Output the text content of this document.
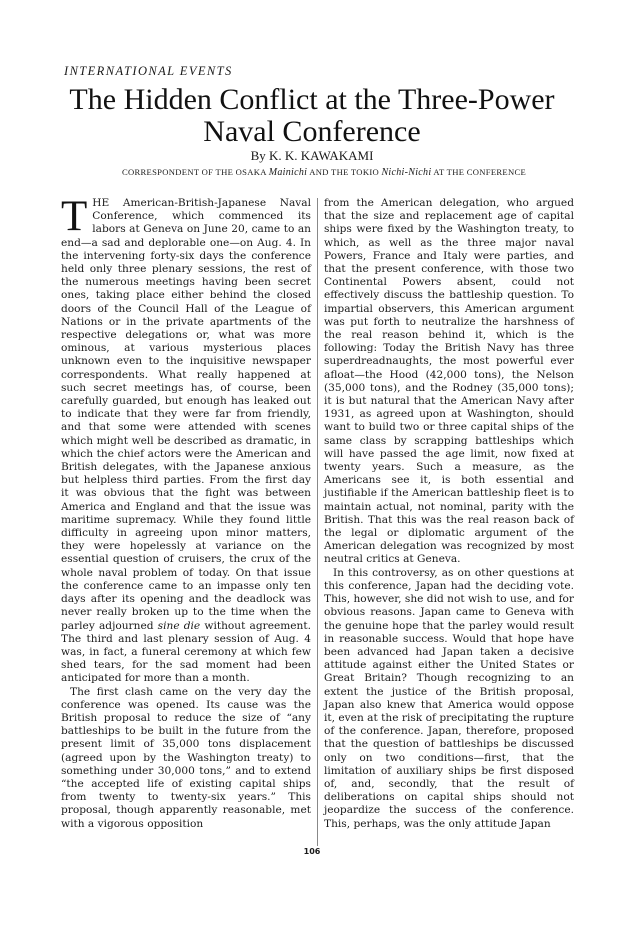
INTERNATIONAL EVENTS
The Hidden Conflict at the Three-Power
Naval Conference
By K. K. KAWAKAMI
CORRESPONDENT OF THE OSAKA Mainichi AND THE TOKIO Nichi-Nichi AT THE CONFERENCE

THE American-British-Japanese Naval Conference, which commenced its labors at Geneva on June 20, came to an end—a sad and deplorable one—on Aug. 4. In the intervening forty-six days the conference held only three plenary sessions, the rest of the numerous meetings having been secret ones, taking place either behind the closed doors of the Council Hall of the League of Nations or in the private apartments of the respective delegations or, what was more ominous, at various mysterious places unknown even to the inquisitive newspaper correspondents. What really happened at such secret meetings has, of course, been carefully guarded, but enough has leaked out to indicate that they were far from friendly, and that some were attended with scenes which might well be described as dramatic, in which the chief actors were the American and British delegates, with the Japanese anxious but helpless third parties. From the first day it was obvious that the fight was between America and England and that the issue was maritime supremacy. While they found little difficulty in agreeing upon minor matters, they were hopelessly at variance on the essential question of cruisers, the crux of the whole naval problem of today. On that issue the conference came to an impasse only ten days after its opening and the deadlock was never really broken up to the time when the parley adjourned sine die without agreement. The third and last plenary session of Aug. 4 was, in fact, a funeral ceremony at which few shed tears, for the sad moment had been anticipated for more than a month.

The first clash came on the very day the conference was opened. Its cause was the British proposal to reduce the size of “any battleships to be built in the future from the present limit of 35,000 tons displacement (agreed upon by the Washington treaty) to something under 30,000 tons,” and to extend “the accepted life of existing capital ships from twenty to twenty-six years.” This proposal, though apparently reasonable, met with a vigorous opposition

from the American delegation, who argued that the size and replacement age of capital ships were fixed by the Washington treaty, to which, as well as the three major naval Powers, France and Italy were parties, and that the present conference, with those two Continental Powers absent, could not effectively discuss the battleship question. To impartial observers, this American argument was put forth to neutralize the harshness of the real reason behind it, which is the following: Today the British Navy has three superdreadnaughts, the most powerful ever afloat—the Hood (42,000 tons), the Nelson (35,000 tons), and the Rodney (35,000 tons); it is but natural that the American Navy after 1931, as agreed upon at Washington, should want to build two or three capital ships of the same class by scrapping battleships which will have passed the age limit, now fixed at twenty years. Such a measure, as the Americans see it, is both essential and justifiable if the American battleship fleet is to maintain actual, not nominal, parity with the British. That this was the real reason back of the legal or diplomatic argument of the American delegation was recognized by most neutral critics at Geneva.

In this controversy, as on other questions at this conference, Japan had the deciding vote. This, however, she did not wish to use, and for obvious reasons. Japan came to Geneva with the genuine hope that the parley would result in reasonable success. Would that hope have been advanced had Japan taken a decisive attitude against either the United States or Great Britain? Though recognizing to an extent the justice of the British proposal, Japan also knew that America would oppose it, even at the risk of precipitating the rupture of the conference. Japan, therefore, proposed that the question of battleships be discussed only on two conditions—first, that the limitation of auxiliary ships be first disposed of, and, secondly, that the result of deliberations on capital ships should not jeopardize the success of the conference. This, perhaps, was the only attitude Japan

106
